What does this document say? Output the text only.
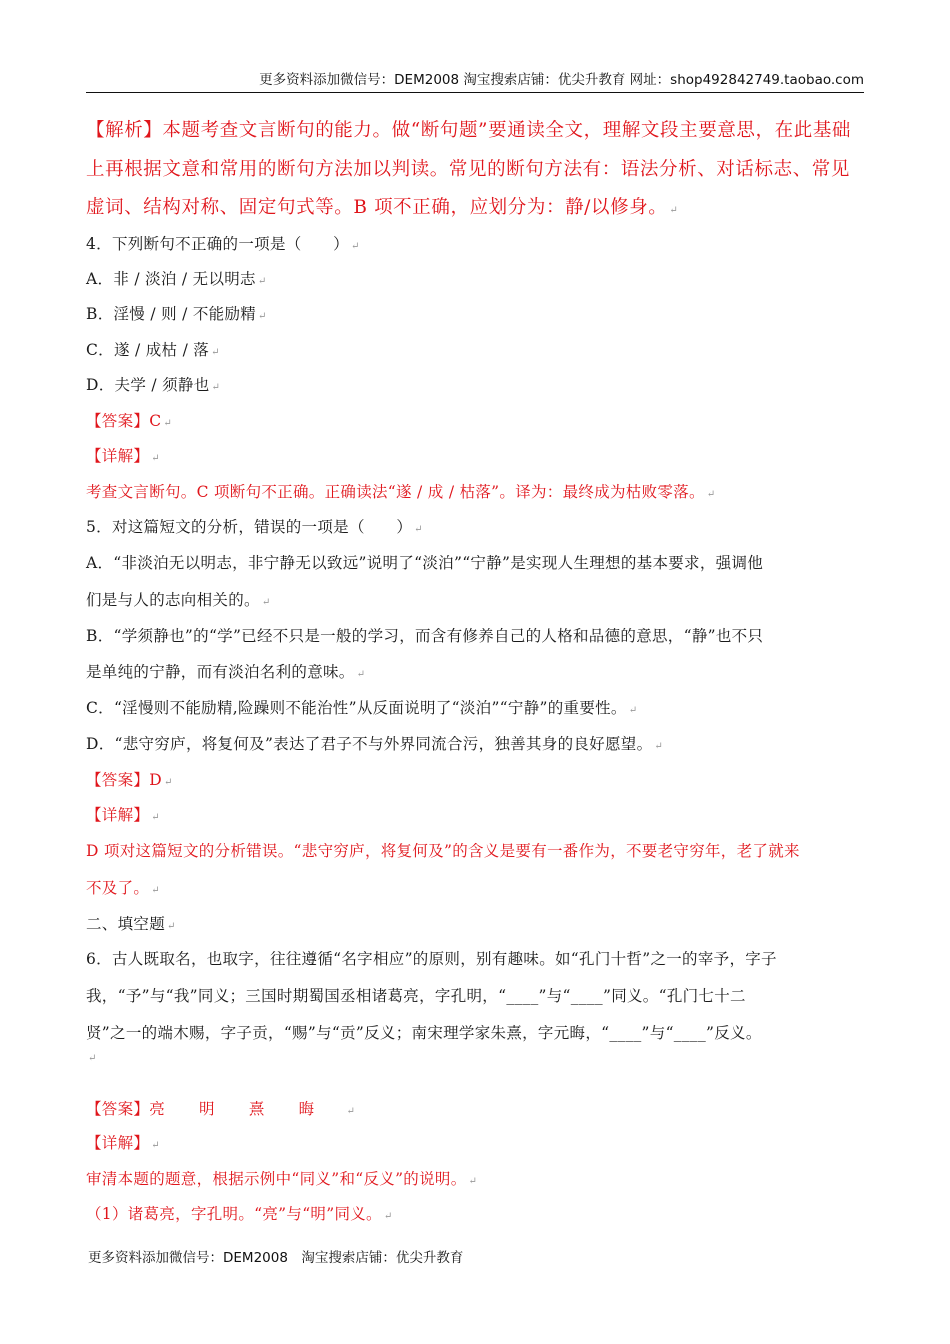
更多资料添加微信号：DEM2008 淘宝搜索店铺：优尖升教育 网址：shop492842749.taobao.com
【解析】本题考查文言断句的能力。做“断句题”要通读全文，理解文段主要意思，在此基础
上再根据文意和常用的断句方法加以判读。常见的断句方法有：语法分析、对话标志、常见
虚词、结构对称、固定句式等。B 项不正确，应划分为：静/以修身。 ↵
4．下列断句不正确的一项是（　　） ↵
A．非 / 淡泊 / 无以明志 ↵
B．淫慢 / 则 / 不能励精 ↵
C．遂 / 成枯 / 落 ↵
D．夫学 / 须静也 ↵
【答案】C ↵
【详解】 ↵
考查文言断句。C 项断句不正确。正确读法“遂 / 成 / 枯落”。译为：最终成为枯败零落。 ↵
5．对这篇短文的分析，错误的一项是（　　） ↵
A．“非淡泊无以明志，非宁静无以致远”说明了“淡泊”“宁静”是实现人生理想的基本要求，强调他
们是与人的志向相关的。 ↵
B．“学须静也”的“学”已经不只是一般的学习，而含有修养自己的人格和品德的意思，“静”也不只
是单纯的宁静，而有淡泊名利的意味。 ↵
C．“淫慢则不能励精,险躁则不能治性”从反面说明了“淡泊”“宁静”的重要性。 ↵
D．“悲守穷庐，将复何及”表达了君子不与外界同流合污，独善其身的良好愿望。 ↵
【答案】D ↵
【详解】 ↵
D 项对这篇短文的分析错误。“悲守穷庐，将复何及”的含义是要有一番作为，不要老守穷年，老了就来
不及了。 ↵
二、填空题 ↵
6．古人既取名，也取字，往往遵循“名字相应”的原则，别有趣味。如“孔门十哲”之一的宰予，字子
我，“予”与“我”同义；三国时期蜀国丞相诸葛亮，字孔明，“____”与“____”同义。“孔门七十二
贤”之一的端木赐，字子贡，“赐”与“贡”反义；南宋理学家朱熹，字元晦，“____”与“____”反义。
↵
【答案】亮 明 熹 晦	↵
【详解】 ↵
审清本题的题意，根据示例中“同义”和“反义”的说明。 ↵
（1）诸葛亮，字孔明。“亮”与“明”同义。 ↵
更多资料添加微信号：DEM2008　淘宝搜索店铺：优尖升教育
